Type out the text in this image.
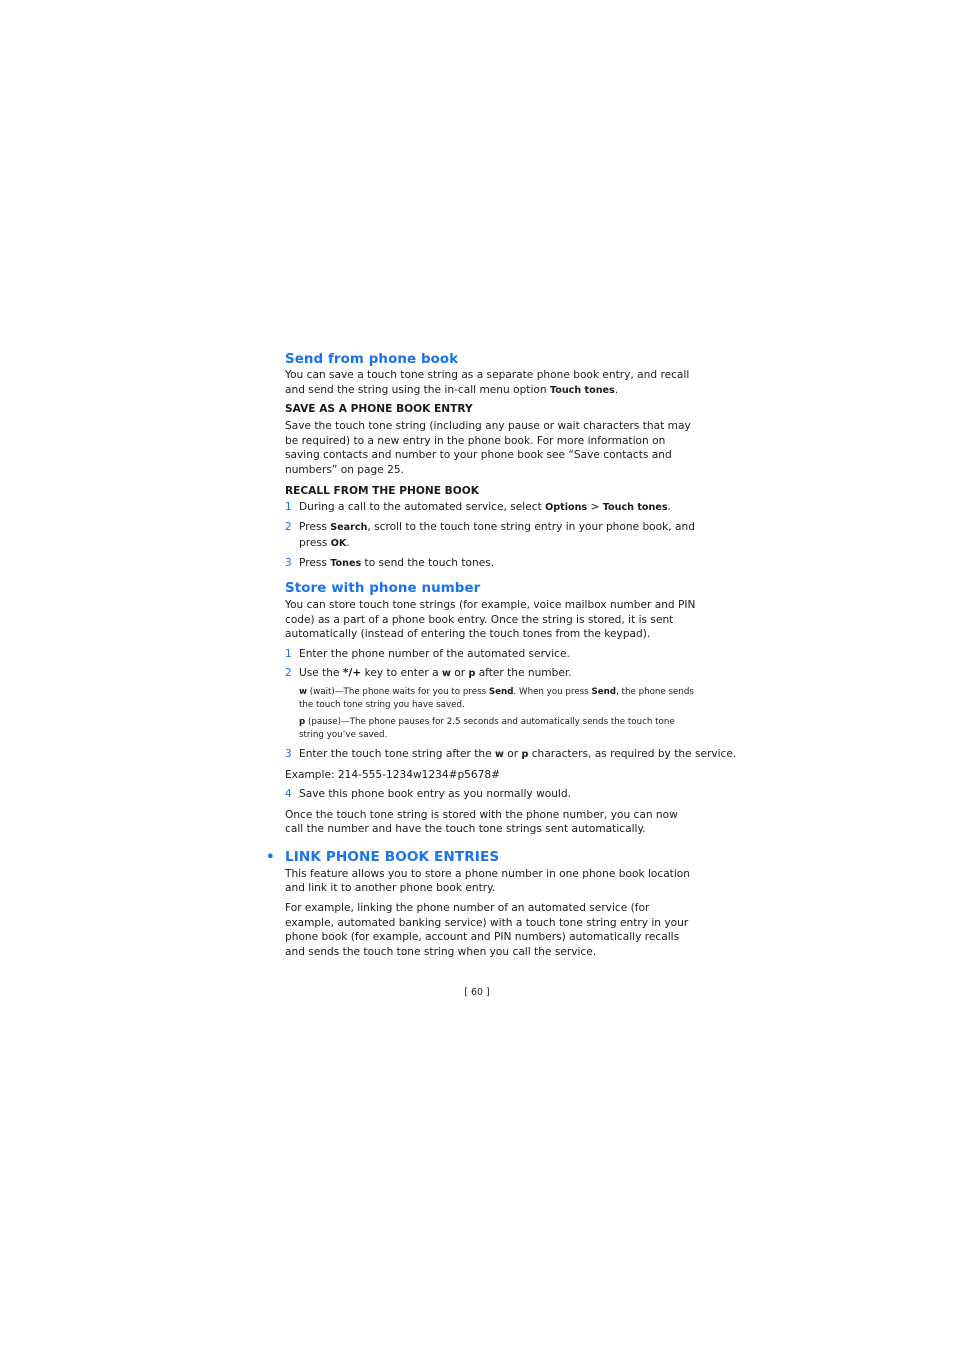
Send from phone book

You can save a touch tone string as a separate phone book entry, and recall and send the string using the in-call menu option Touch tones.

SAVE AS A PHONE BOOK ENTRY

Save the touch tone string (including any pause or wait characters that may be required) to a new entry in the phone book. For more information on saving contacts and number to your phone book see “Save contacts and numbers” on page 25.

RECALL FROM THE PHONE BOOK
1 During a call to the automated service, select Options > Touch tones.
2 Press Search, scroll to the touch tone string entry in your phone book, and press OK.
3 Press Tones to send the touch tones.
Store with phone number

You can store touch tone strings (for example, voice mailbox number and PIN code) as a part of a phone book entry. Once the string is stored, it is sent automatically (instead of entering the touch tones from the keypad).

1 Enter the phone number of the automated service.
2 Use the */+ key to enter a w or p after the number.
w (wait)—The phone waits for you to press Send. When you press Send, the phone sends the touch tone string you have saved.
p (pause)—The phone pauses for 2.5 seconds and automatically sends the touch tone string you’ve saved.
3 Enter the touch tone string after the w or p characters, as required by the service.

Example: 214-555-1234w1234#p5678#

4 Save this phone book entry as you normally would.

Once the touch tone string is stored with the phone number, you can now call the number and have the touch tone strings sent automatically.

• LINK PHONE BOOK ENTRIES

This feature allows you to store a phone number in one phone book location and link it to another phone book entry.

For example, linking the phone number of an automated service (for example, automated banking service) with a touch tone string entry in your phone book (for example, account and PIN numbers) automatically recalls and sends the touch tone string when you call the service.

[ 60 ]
